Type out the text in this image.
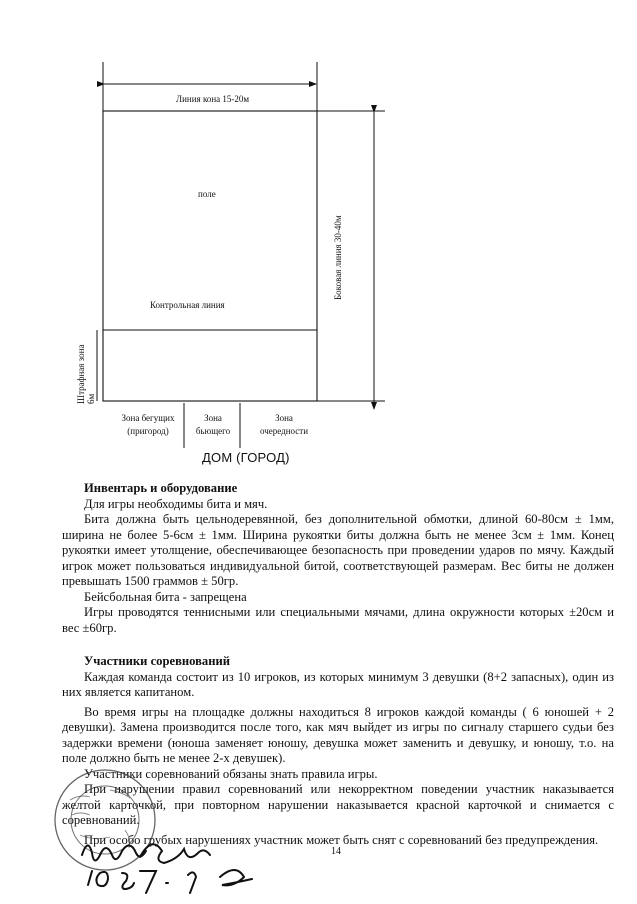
Линия кона 15-20м
поле
Боковая линия 30-40м
Контрольная линия
Штрафная зона 6м
Зона бегущих
(пригород)
Зона
бьющего
Зона
очередности
ДОМ (ГОРОД)
Инвентарь и оборудование

Для игры необходимы бита и мяч.

Бита должна быть цельнодеревянной, без дополнительной обмотки, длиной 60-80см ± 1мм, ширина не более 5-6см ± 1мм. Ширина рукоятки биты должна быть не менее 3см ± 1мм. Конец рукоятки имеет утолщение, обеспечивающее безопасность при проведении ударов по мячу. Каждый игрок может пользоваться индивидуальной битой, соответствующей размерам. Вес биты не должен превышать 1500 граммов ± 50гр.

Бейсбольная бита - запрещена

Игры проводятся теннисными или специальными мячами, длина окружности которых ±20см и вес ±60гр.

Участники соревнований

Каждая команда состоит из 10 игроков, из которых минимум 3 девушки (8+2 запасных), один из них является капитаном.

Во время игры на площадке должны находиться 8 игроков каждой команды ( 6 юношей + 2 девушки). Замена производится после того, как мяч выйдет из игры по сигналу старшего судьи без задержки времени (юноша заменяет юношу, девушка может заменить и девушку, и юношу, т.о. на поле должно быть не менее 2-х девушек).

Участники соревнований обязаны знать правила игры.

При нарушении правил соревнований или некорректном поведении участник наказывается желтой карточкой, при повторном нарушении наказывается красной карточкой и снимается с соревнований.

При особо грубых нарушениях участник может быть снят с соревнований без предупреждения.

14
